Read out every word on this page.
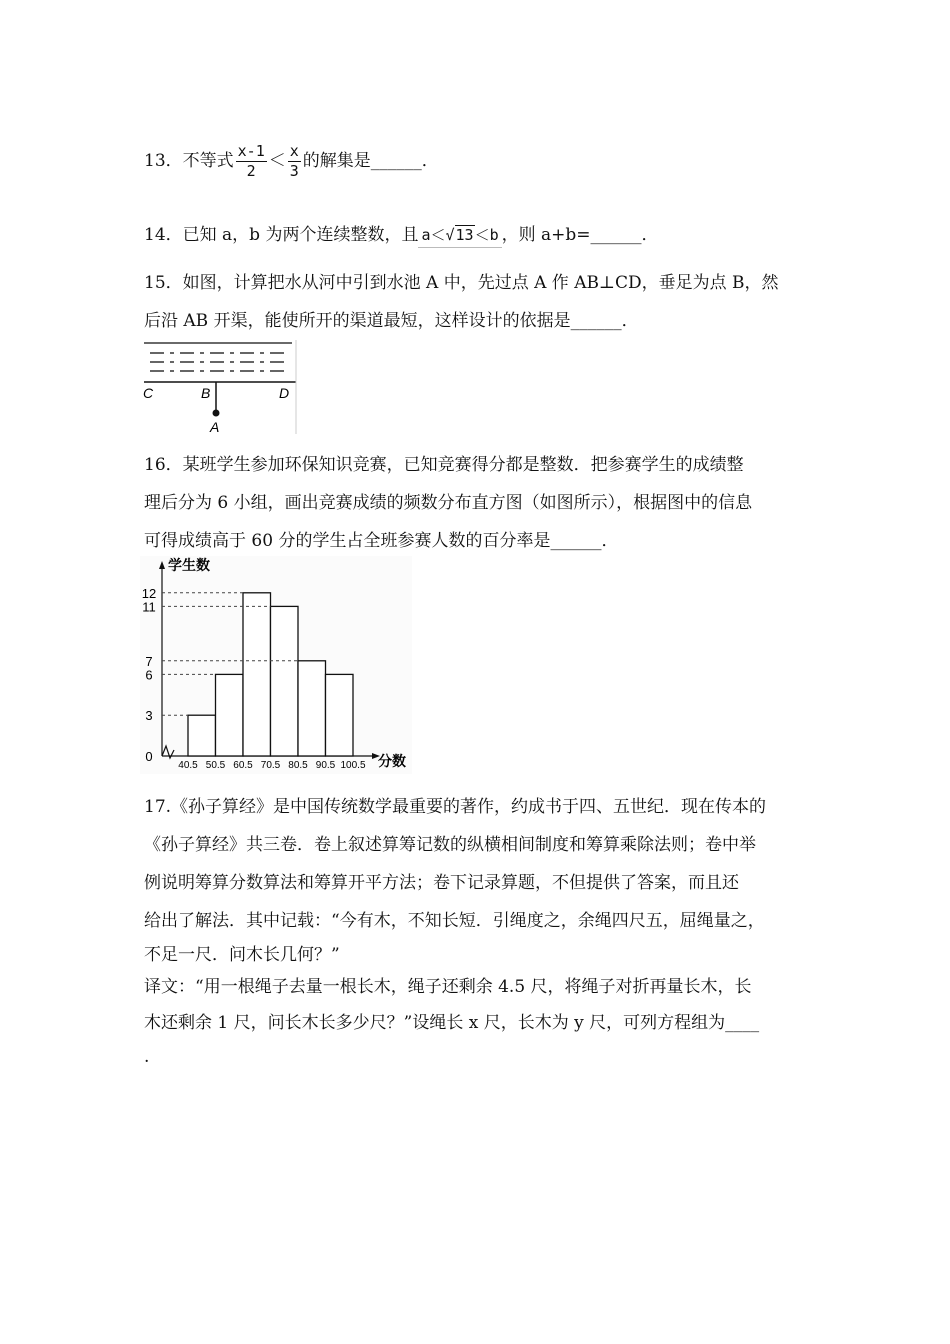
13．不等式 $\frac{x-1}{2} < \frac{x}{3}$ 的解集是______．
14．已知 a，b 为两个连续整数，且 a＜√13＜b ，则 a+b=______．
15．如图，计算把水从河中引到水池 A 中，先过点 A 作 AB⊥CD，垂足为点 B，然
后沿 AB 开渠，能使所开的渠道最短，这样设计的依据是______．
C	B	D
A
16．某班学生参加环保知识竞赛，已知竞赛得分都是整数．把参赛学生的成绩整
理后分为 6 小组，画出竞赛成绩的频数分布直方图（如图所示），根据图中的信息
可得成绩高于 60 分的学生占全班参赛人数的百分率是______．
0
3
6
7
11
12
40.5 50.5 60.5 70.5 80.5 90.5 100.5
学生数
分数
17.《孙子算经》是中国传统数学最重要的著作，约成书于四、五世纪．现在传本的
《孙子算经》共三卷．卷上叙述算筹记数的纵横相间制度和筹算乘除法则；卷中举
例说明筹算分数算法和筹算开平方法；卷下记录算题，不但提供了答案，而且还
给出了解法．其中记载：“今有木，不知长短．引绳度之，余绳四尺五，屈绳量之，
不足一尺．问木长几何？”
译文：“用一根绳子去量一根长木，绳子还剩余 4.5 尺，将绳子对折再量长木，长
木还剩余 1 尺，问长木长多少尺？”设绳长 x 尺，长木为 y 尺，可列方程组为____
.
